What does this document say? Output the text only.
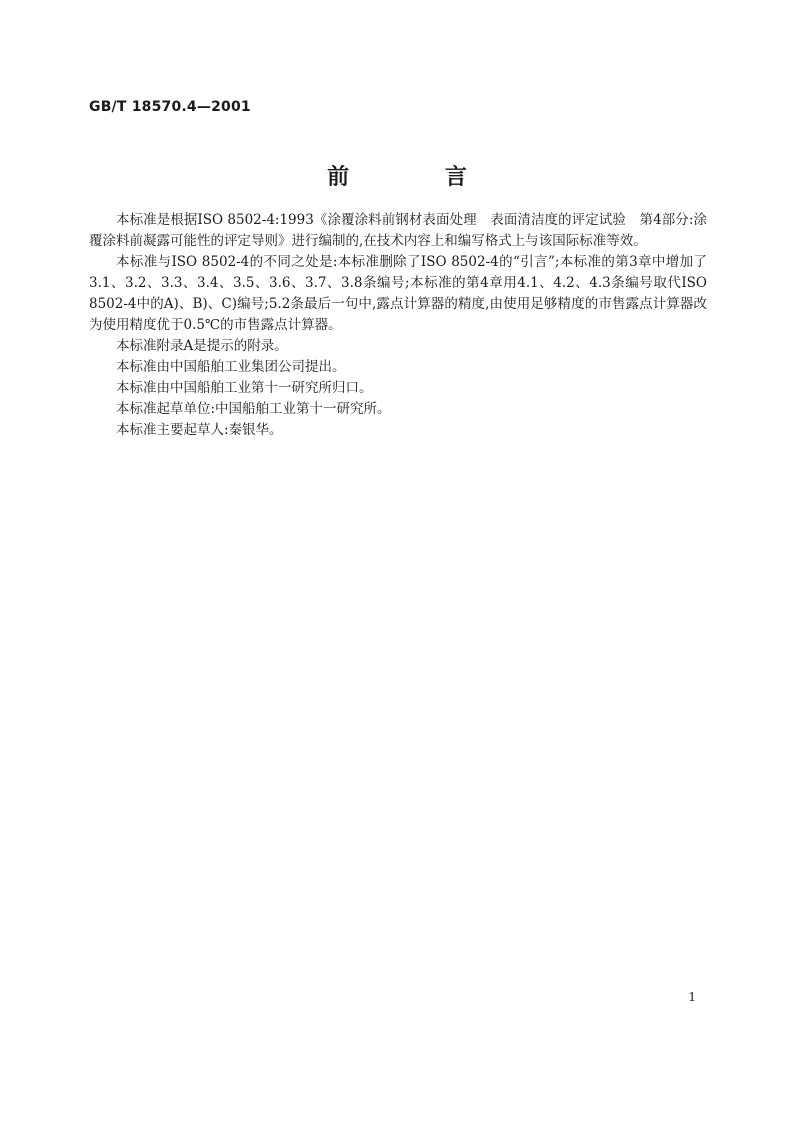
GB/T 18570.4—2001
前 言

本标准是根据ISO 8502-4:1993《涂覆涂料前钢材表面处理　表面清洁度的评定试验　第4部分:涂覆涂料前凝露可能性的评定导则》进行编制的,在技术内容上和编写格式上与该国际标准等效。

本标准与ISO 8502-4的不同之处是:本标准删除了ISO 8502-4的“引言”;本标准的第3章中增加了3.1、3.2、3.3、3.4、3.5、3.6、3.7、3.8条编号;本标准的第4章用4.1、4.2、4.3条编号取代ISO 8502-4中的A)、B)、C)编号;5.2条最后一句中,露点计算器的精度,由使用足够精度的市售露点计算器改为使用精度优于0.5℃的市售露点计算器。

本标准附录A是提示的附录。

本标准由中国船舶工业集团公司提出。

本标准由中国船舶工业第十一研究所归口。

本标准起草单位:中国船舶工业第十一研究所。

本标准主要起草人:秦银华。

1
